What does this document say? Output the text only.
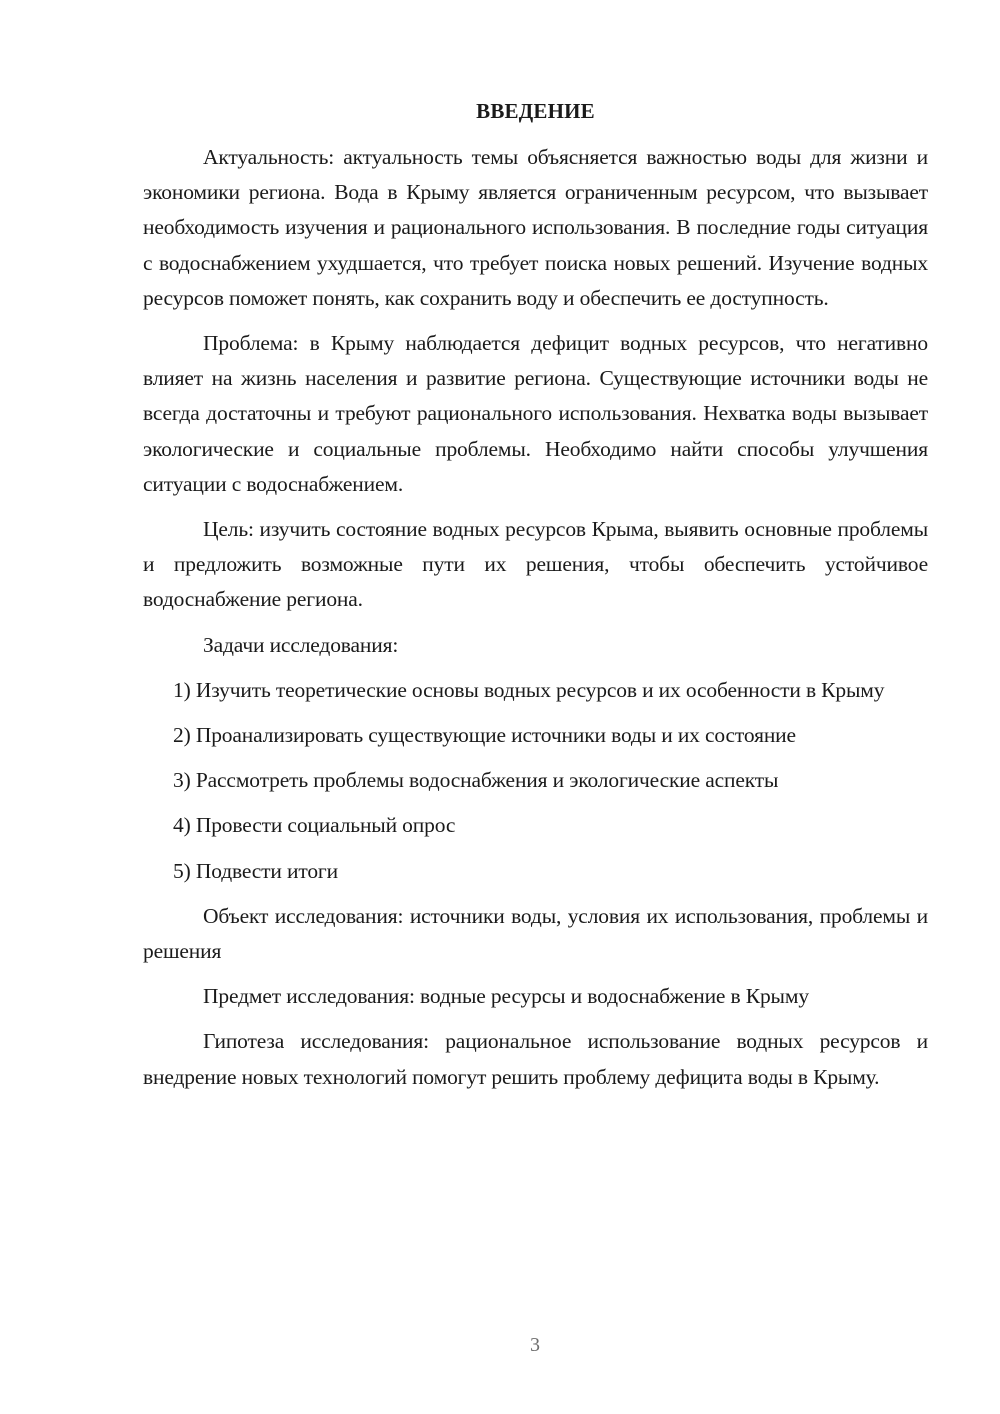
ВВЕДЕНИЕ

Актуальность: актуальность темы объясняется важностью воды для жизни и экономики региона. Вода в Крыму является ограниченным ресурсом, что вызывает необходимость изучения и рационального использования. В последние годы ситуация с водоснабжением ухудшается, что требует поиска новых решений. Изучение водных ресурсов поможет понять, как сохранить воду и обеспечить ее доступность.

Проблема: в Крыму наблюдается дефицит водных ресурсов, что негативно влияет на жизнь населения и развитие региона. Существующие источники воды не всегда достаточны и требуют рационального использования. Нехватка воды вызывает экологические и социальные проблемы. Необходимо найти способы улучшения ситуации с водоснабжением.

Цель: изучить состояние водных ресурсов Крыма, выявить основные проблемы и предложить возможные пути их решения, чтобы обеспечить устойчивое водоснабжение региона.

Задачи исследования:

1) Изучить теоретические основы водных ресурсов и их особенности в Крыму
2) Проанализировать существующие источники воды и их состояние
3) Рассмотреть проблемы водоснабжения и экологические аспекты
4) Провести социальный опрос
5) Подвести итоги

Объект исследования: источники воды, условия их использования, проблемы и решения

Предмет исследования: водные ресурсы и водоснабжение в Крыму

Гипотеза исследования: рациональное использование водных ресурсов и внедрение новых технологий помогут решить проблему дефицита воды в Крыму.

3
